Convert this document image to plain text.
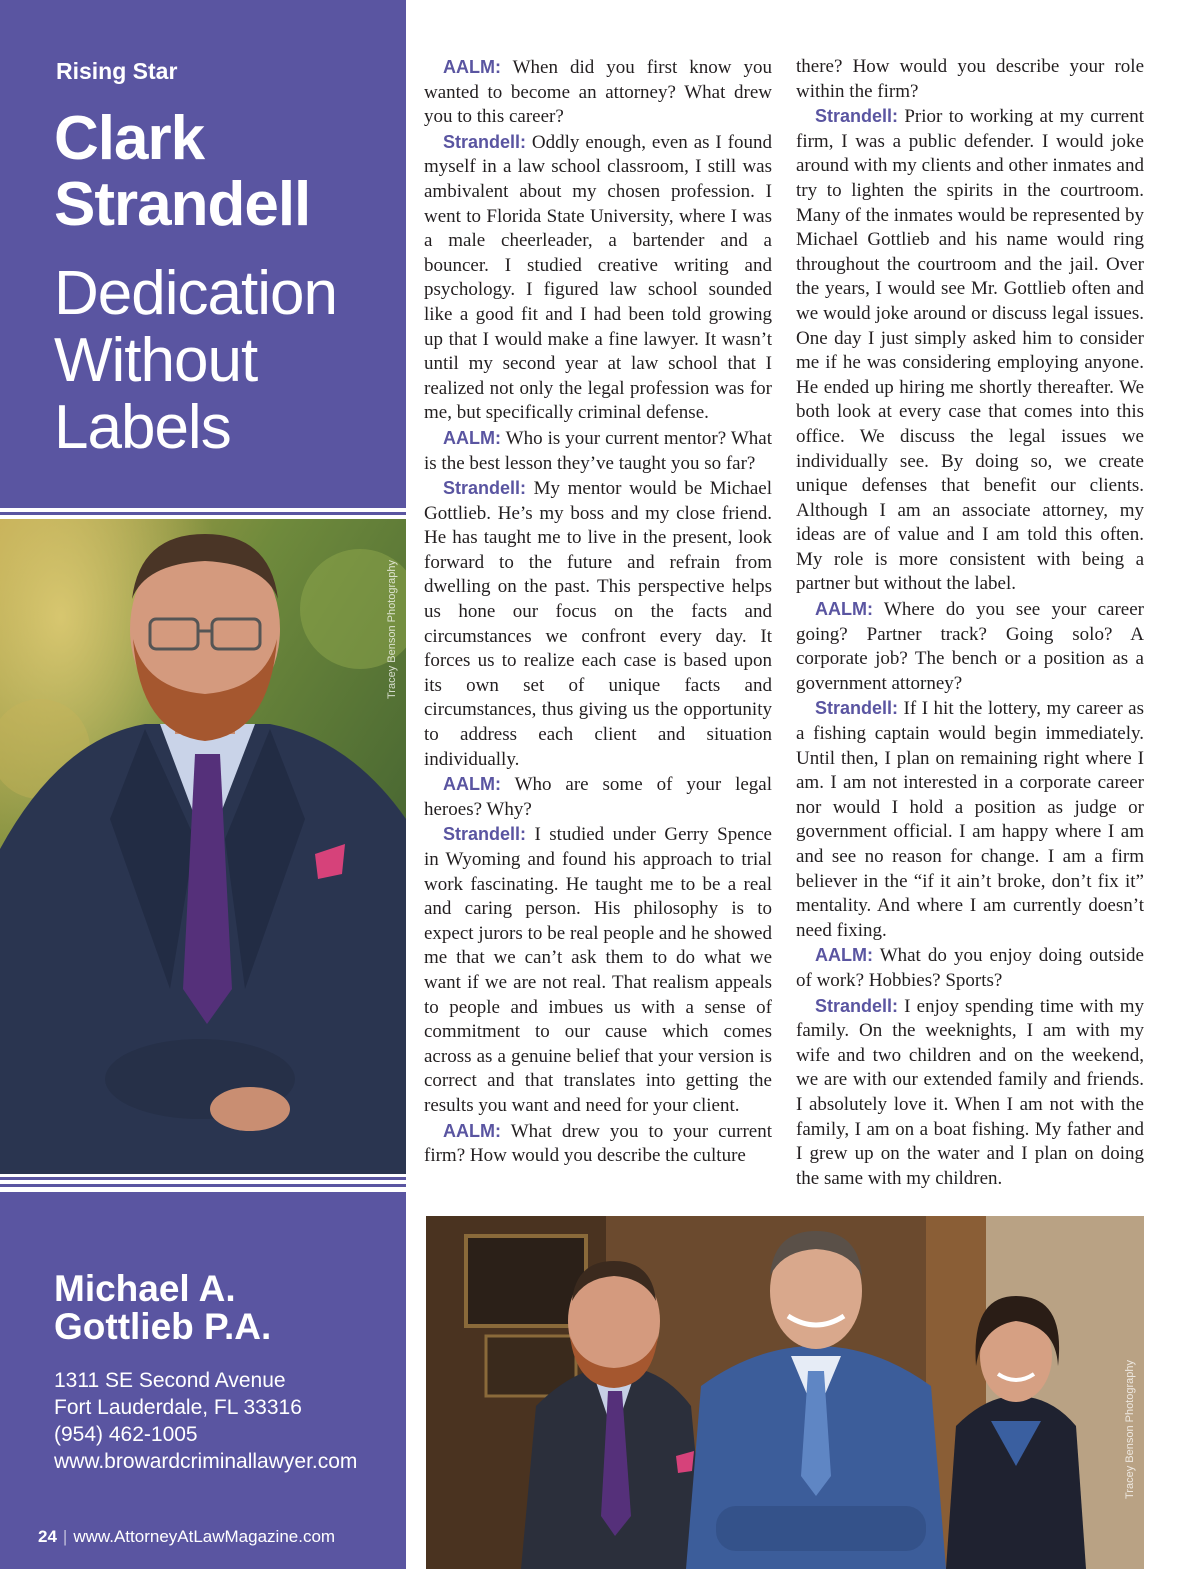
Rising Star
Clark
Strandell
Dedication
Without
Labels
Tracey Benson Photography
Michael A.
Gottlieb P.A.
1311 SE Second Avenue
Fort Lauderdale, FL 33316
(954) 462-1005
www.browardcriminallawyer.com
24 | www.AttorneyAtLawMagazine.com

AALM: When did you first know you wanted to become an attorney? What drew you to this career?

Strandell: Oddly enough, even as I found myself in a law school classroom, I still was ambivalent about my chosen profession. I went to Florida State University, where I was a male cheerleader, a bartender and a bouncer. I studied creative writing and psychology. I figured law school sounded like a good fit and I had been told growing up that I would make a fine lawyer. It wasn’t until my second year at law school that I realized not only the legal profession was for me, but specifically criminal defense.

AALM: Who is your current mentor? What is the best lesson they’ve taught you so far?

Strandell: My mentor would be Michael Gottlieb. He’s my boss and my close friend. He has taught me to live in the present, look forward to the future and refrain from dwelling on the past. This perspective helps us hone our focus on the facts and circumstances we confront every day. It forces us to realize each case is based upon its own set of unique facts and circumstances, thus giving us the opportunity to address each client and situation individually.

AALM: Who are some of your legal heroes? Why?

Strandell: I studied under Gerry Spence in Wyoming and found his approach to trial work fascinating. He taught me to be a real and caring person. His philosophy is to expect jurors to be real people and he showed me that we can’t ask them to do what we want if we are not real. That realism appeals to people and imbues us with a sense of commitment to our cause which comes across as a genuine belief that your version is correct and that translates into getting the results you want and need for your client.

AALM: What drew you to your current firm? How would you describe the culture

there? How would you describe your role within the firm?

Strandell: Prior to working at my current firm, I was a public defender. I would joke around with my clients and other inmates and try to lighten the spirits in the courtroom. Many of the inmates would be represented by Michael Gottlieb and his name would ring throughout the courtroom and the jail. Over the years, I would see Mr. Gottlieb often and we would joke around or discuss legal issues. One day I just simply asked him to consider me if he was considering employing anyone. He ended up hiring me shortly thereafter. We both look at every case that comes into this office. We discuss the legal issues we individually see. By doing so, we create unique defenses that benefit our clients. Although I am an associate attorney, my ideas are of value and I am told this often. My role is more consistent with being a partner but without the label.

AALM: Where do you see your career going? Partner track? Going solo? A corporate job? The bench or a position as a government attorney?

Strandell: If I hit the lottery, my career as a fishing captain would begin immediately. Until then, I plan on remaining right where I am. I am not interested in a corporate career nor would I hold a position as judge or government official. I am happy where I am and see no reason for change. I am a firm believer in the “if it ain’t broke, don’t fix it” mentality. And where I am currently doesn’t need fixing.

AALM: What do you enjoy doing outside of work? Hobbies? Sports?

Strandell: I enjoy spending time with my family. On the weeknights, I am with my wife and two children and on the weekend, we are with our extended family and friends. I absolutely love it. When I am not with the family, I am on a boat fishing. My father and I grew up on the water and I plan on doing the same with my children.

Tracey Benson Photography
